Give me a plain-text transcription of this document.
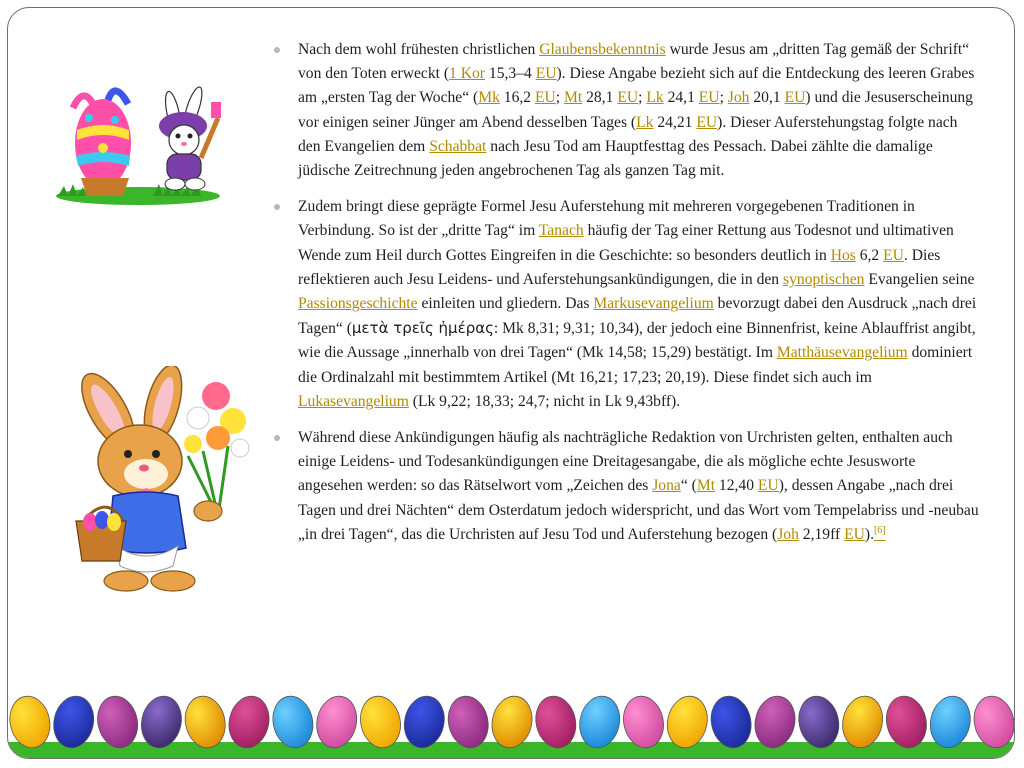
Nach dem wohl frühesten christlichen Glaubensbekenntnis wurde Jesus am „dritten Tag gemäß der Schrift“ von den Toten erweckt (1 Kor 15,3–4 EU). Diese Angabe bezieht sich auf die Entdeckung des leeren Grabes am „ersten Tag der Woche“ (Mk 16,2 EU; Mt 28,1 EU; Lk 24,1 EU; Joh 20,1 EU) und die Jesuserscheinung vor einigen seiner Jünger am Abend desselben Tages (Lk 24,21 EU). Dieser Auferstehungstag folgte nach den Evangelien dem Schabbat nach Jesu Tod am Hauptfesttag des Pessach. Dabei zählte die damalige jüdische Zeitrechnung jeden angebrochenen Tag als ganzen Tag mit.
Zudem bringt diese geprägte Formel Jesu Auferstehung mit mehreren vorgegebenen Traditionen in Verbindung. So ist der „dritte Tag“ im Tanach häufig der Tag einer Rettung aus Todesnot und ultimativen Wende zum Heil durch Gottes Eingreifen in die Geschichte: so besonders deutlich in Hos 6,2 EU. Dies reflektieren auch Jesu Leidens- und Auferstehungsankündigungen, die in den synoptischen Evangelien seine Passionsgeschichte einleiten und gliedern. Das Markusevangelium bevorzugt dabei den Ausdruck „nach drei Tagen“ (μετὰ τρεῖς ἡμέρας: Mk 8,31; 9,31; 10,34), der jedoch eine Binnenfrist, keine Ablauffrist angibt, wie die Aussage „innerhalb von drei Tagen“ (Mk 14,58; 15,29) bestätigt. Im Matthäusevangelium dominiert die Ordinalzahl mit bestimmtem Artikel (Mt 16,21; 17,23; 20,19). Diese findet sich auch im Lukasevangelium (Lk 9,22; 18,33; 24,7; nicht in Lk 9,43bff).
Während diese Ankündigungen häufig als nachträgliche Redaktion von Urchristen gelten, enthalten auch einige Leidens- und Todesankündigungen eine Dreitagesangabe, die als mögliche echte Jesusworte angesehen werden: so das Rätselwort vom „Zeichen des Jona“ (Mt 12,40 EU), dessen Angabe „nach drei Tagen und drei Nächten“ dem Osterdatum jedoch widerspricht, und das Wort vom Tempelabriss und -neubau „in drei Tagen“, das die Urchristen auf Jesu Tod und Auferstehung bezogen (Joh 2,19ff EU).[6]
